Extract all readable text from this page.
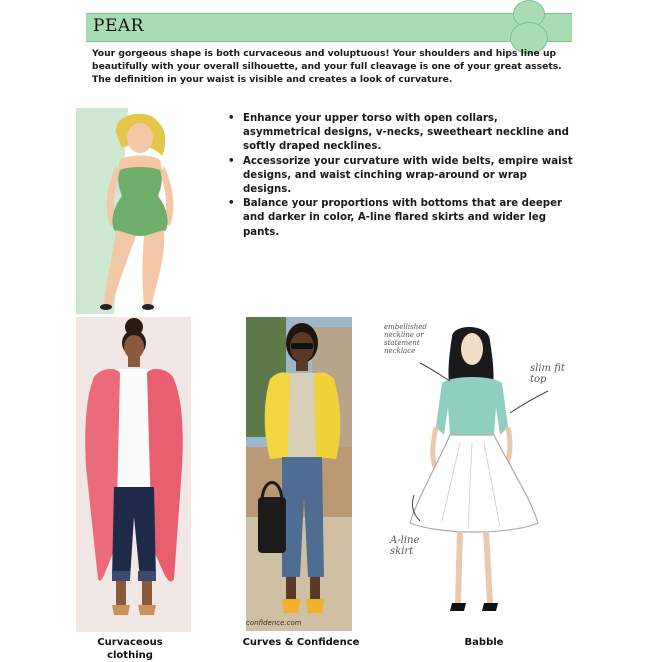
PEAR
Your gorgeous shape is both curvaceous and voluptuous! Your shoulders and hips line up beautifully with your overall silhouette, and your full cleavage is one of your great assets. The definition in your waist is visible and creates a look of curvature.
• Enhance your upper torso with open collars, asymmetrical designs, v-necks, sweetheart neckline and softly draped necklines.
• Accessorize your curvature with wide belts, empire waist designs, and waist cinching wrap-around or wrap designs.
• Balance your proportions with bottoms that are deeper and darker in color, A-line flared skirts and wider leg pants.
confidence.com
embellished neckline or statement necklace
slim fit top
A-line skirt
Curvaceous clothing
Curves & Confidence	Babble
